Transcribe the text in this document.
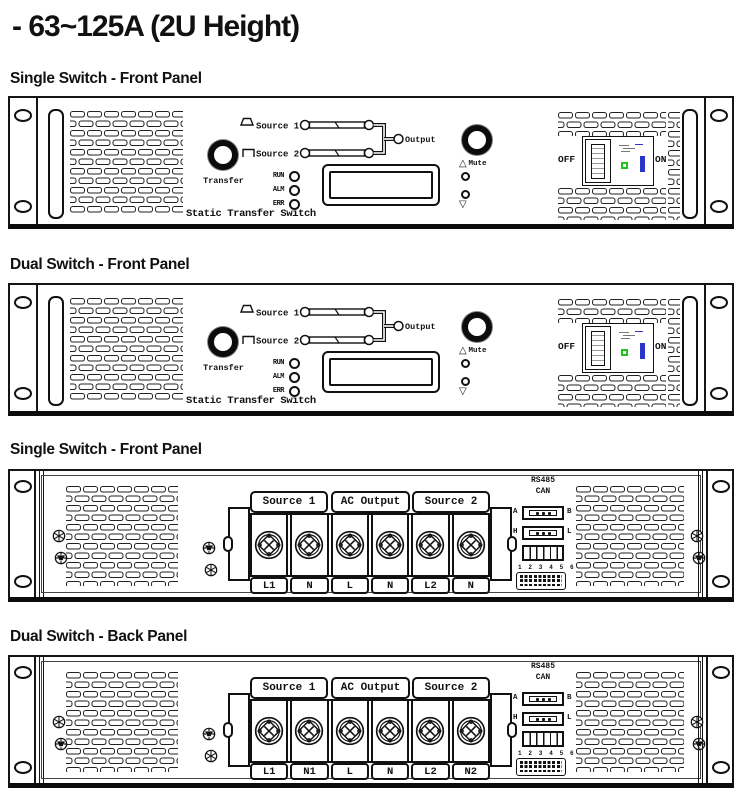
- 63~125A (2U Height)
Single Switch - Front Panel
Dual Switch - Front Panel
Single Switch - Front Panel
Dual Switch - Back Panel
Transfer
Source 1
Source 2
Output
RUN
ALM
ERR
Static Transfer Switch
△
▽
Mute	OFF	ON
Transfer
Source 1
Source 2
Output
RUN
ALM
ERR
Static Transfer Switch
△
▽
Mute	OFF	ON
Source 1	AC Output	Source 2
L1	N	L	N	L2	N
RS485
CAN
A	B
H	L
1 2 3 4 5 6
Source 1	AC Output	Source 2
L1	N1	L	N	L2	N2
RS485
CAN
A	B
H	L
1 2 3 4 5 6
